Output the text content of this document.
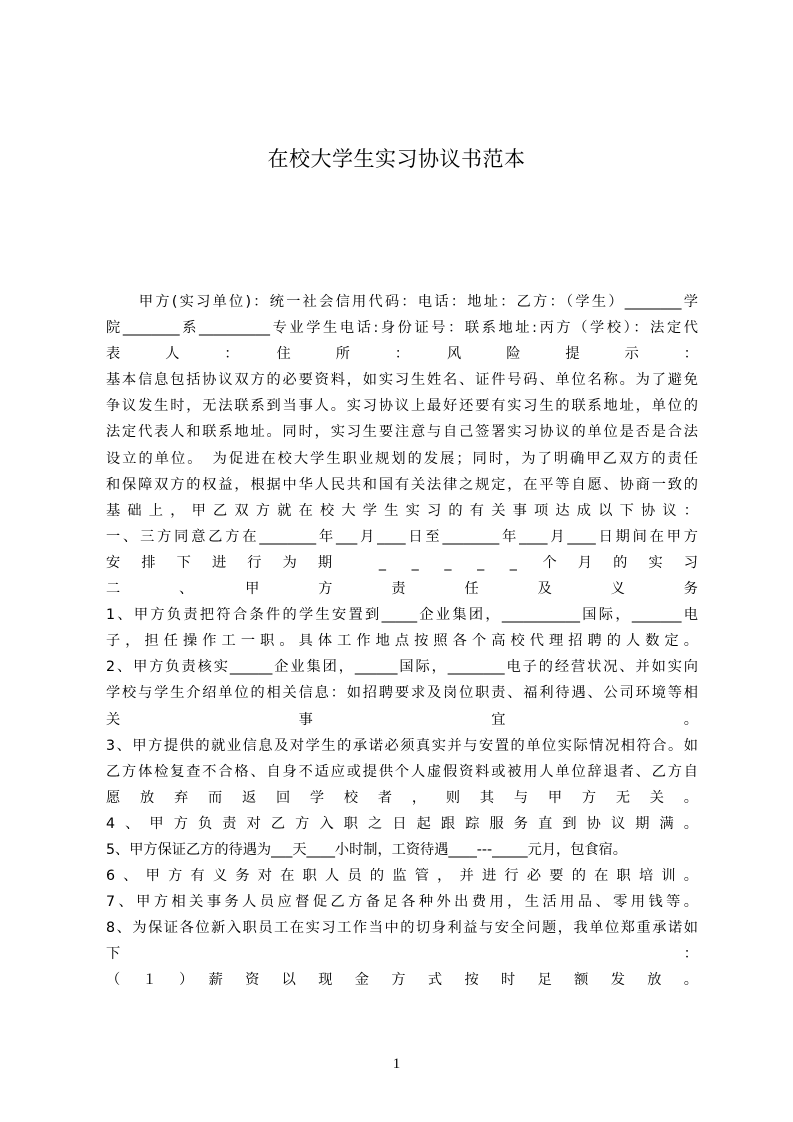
在校大学生实习协议书范本
　　甲方(实习单位)：统一社会信用代码：电话：地址：乙方：（学生）________学
院________系__________专业学生电话:身份证号：联系地址:丙方（学校）：法定代
表　人　：　住　所　：　风　险　提　示　：
基本信息包括协议双方的必要资料，如实习生姓名、证件号码、单位名称。为了避免
争议发生时，无法联系到当事人。实习协议上最好还要有实习生的联系地址，单位的
法定代表人和联系地址。同时，实习生要注意与自己签署实习协议的单位是否是合法
设立的单位。　为促进在校大学生职业规划的发展；同时，为了明确甲乙双方的责任
和保障双方的权益，根据中华人民共和国有关法律之规定，在平等自愿、协商一致的
基础上，甲乙双方就在校大学生实习的有关事项达成以下协议：
一、三方同意乙方在________年___月____日至________年____月____日期间在甲方
安排下进行为期 _ _ _ _ _ 个月的实习
二　　、　　甲　　方　　责　　任　　及　　义　　务
1、甲方负责把符合条件的学生安置到_____企业集团，___________国际，_______电
子，担任操作工一职。具体工作地点按照各个高校代理招聘的人数定。
2、甲方负责核实______企业集团，______国际，________电子的经营状况、并如实向
学校与学生介绍单位的相关信息：如招聘要求及岗位职责、福利待遇、公司环境等相
关　　　　事　　　　宜　　　　。
3、甲方提供的就业信息及对学生的承诺必须真实并与安置的单位实际情况相符合。如
乙方体检复查不合格、自身不适应或提供个人虚假资料或被用人单位辞退者、乙方自
愿放弃而返回学校者，则其与甲方无关。
4、甲方负责对乙方入职之日起跟踪服务直到协议期满。
5、甲方保证乙方的待遇为___天____小时制，工资待遇____---_____元月，包食宿。
6、甲方有义务对在职人员的监管，并进行必要的在职培训。
7、甲方相关事务人员应督促乙方备足各种外出费用，生活用品、零用钱等。
8、为保证各位新入职员工在实习工作当中的切身利益与安全问题，我单位郑重承诺如
下　　　　　　　　　　　　　　　　　　　　　　　　　　　　　：
（　１　）　薪　资　以　现　金　方　式　按　时　足　额　发　放　。
1
